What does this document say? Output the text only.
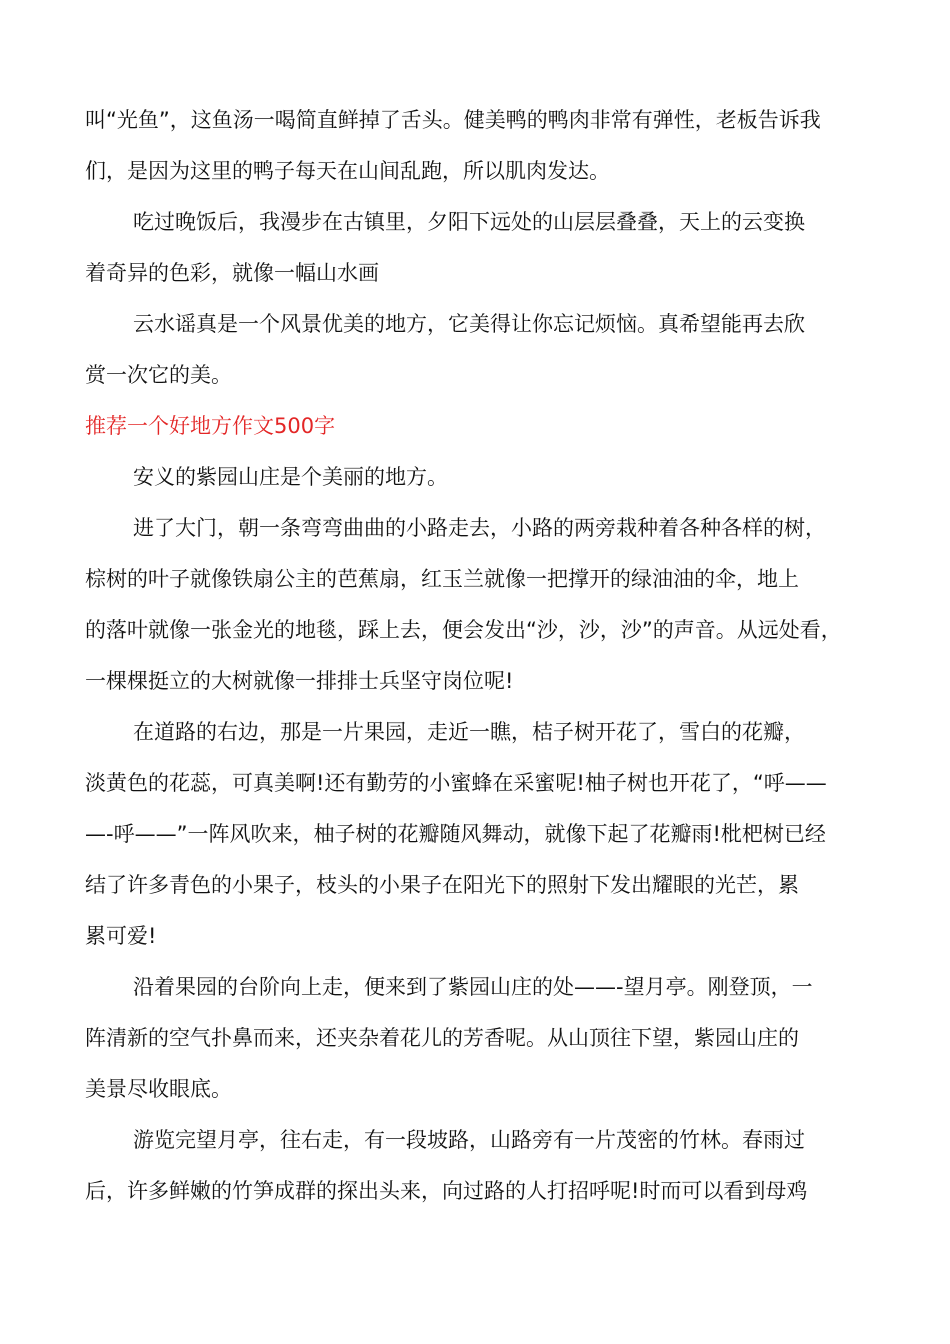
叫“光鱼”，这鱼汤一喝简直鲜掉了舌头。健美鸭的鸭肉非常有弹性，老板告诉我
们，是因为这里的鸭子每天在山间乱跑，所以肌肉发达。
吃过晚饭后，我漫步在古镇里，夕阳下远处的山层层叠叠，天上的云变换
着奇异的色彩，就像一幅山水画
云水谣真是一个风景优美的地方，它美得让你忘记烦恼。真希望能再去欣
赏一次它的美。
推荐一个好地方作文500字
安义的紫园山庄是个美丽的地方。
进了大门，朝一条弯弯曲曲的小路走去，小路的两旁栽种着各种各样的树，
棕树的叶子就像铁扇公主的芭蕉扇，红玉兰就像一把撑开的绿油油的伞，地上
的落叶就像一张金光的地毯，踩上去，便会发出“沙，沙，沙”的声音。从远处看，
一棵棵挺立的大树就像一排排士兵坚守岗位呢!
在道路的右边，那是一片果园，走近一瞧，桔子树开花了，雪白的花瓣，
淡黄色的花蕊，可真美啊!还有勤劳的小蜜蜂在采蜜呢!柚子树也开花了，“呼——
—-呼——”一阵风吹来，柚子树的花瓣随风舞动，就像下起了花瓣雨!枇杷树已经
结了许多青色的小果子，枝头的小果子在阳光下的照射下发出耀眼的光芒，累
累可爱!
沿着果园的台阶向上走，便来到了紫园山庄的处——-望月亭。刚登顶，一
阵清新的空气扑鼻而来，还夹杂着花儿的芳香呢。从山顶往下望，紫园山庄的
美景尽收眼底。
游览完望月亭，往右走，有一段坡路，山路旁有一片茂密的竹林。春雨过
后，许多鲜嫩的竹笋成群的探出头来，向过路的人打招呼呢!时而可以看到母鸡
